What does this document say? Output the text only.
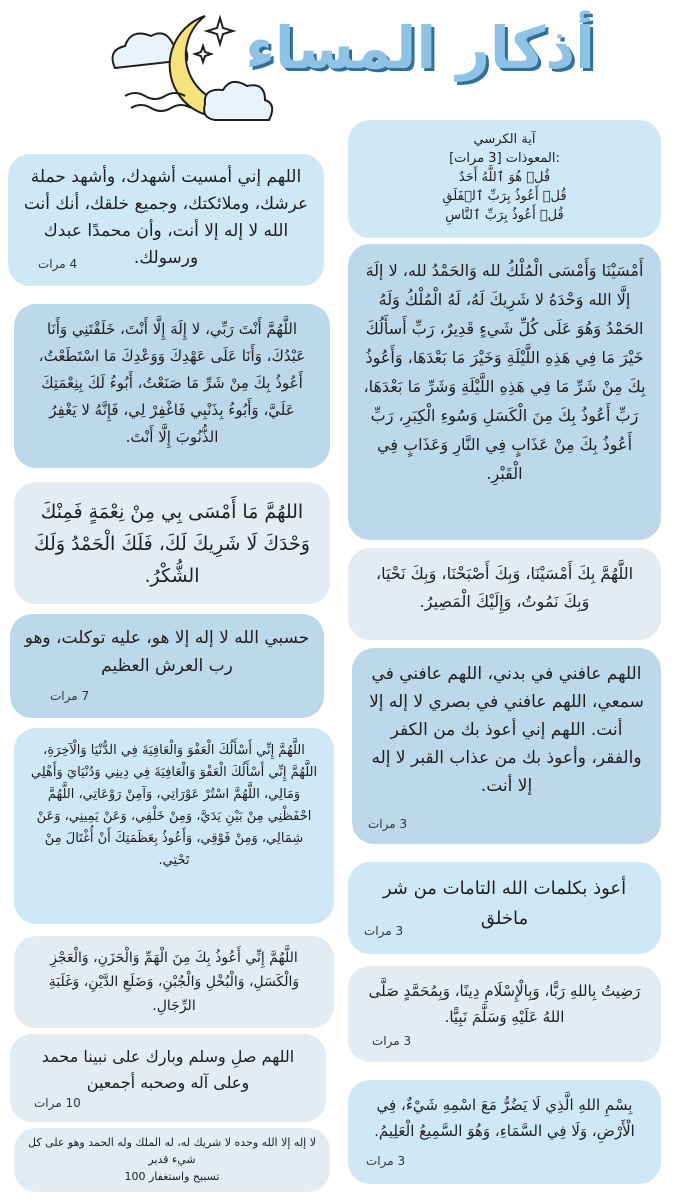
أذكار المساء
آية الكرسي
:المعوذات [3 مرات]
قُلۡ هُوَ ٱللَّهُ أَحَدٌ
قُلۡ أَعُوذُ بِرَبِّ ٱلۡفَلَقِ
قُلۡ أَعُوذُ بِرَبِّ ٱلنَّاسِ
أَمْسَيْنَا وَأَمْسَى الْمُلْكُ لله وَالحَمْدُ لله، لا إلَهَ إلَّا الله وَحْدَهُ لا شَرِيكَ لَهُ، لَهُ الْمُلْكُ وَلَهُ الحَمْدُ وَهُوَ عَلَى كُلِّ شَيءٍ قَدِيرٌ، رَبِّ أَسأَلُكَ خَيْرَ مَا فِي هَذِهِ اللَّيْلَةِ وَخَيْرَ مَا بَعْدَهَا، وَأَعُوذُ بِكَ مِنْ شَرِّ مَا فِي هَذِهِ اللَّيْلَةِ وَشَرِّ مَا بَعْدَهَا، رَبِّ أَعُوذُ بِكَ مِنَ الْكَسَلِ وَسُوءِ الْكِبَرِ، رَبِّ أَعُوذُ بِكَ مِنْ عَذَابٍ فِي النَّارِ وَعَذَابٍ فِي الْقَبْرِ.
اللَّهُمَّ بِكَ أَمْسَيْنَا، وَبِكَ أَصْبَحْنَا، وَبِكَ نَحْيَا، وَبِكَ نَمُوتُ، وَإِلَيْكَ الْمَصِيرُ.
اللهم عافني في بدني، اللهم عافني في سمعي، اللهم عافني في بصري لا إله إلا أنت. اللهم إني أعوذ بك من الكفر والفقر، وأعوذ بك من عذاب القبر لا إله إلا أنت.
3 مرات
أعوذ بكلمات الله التامات من شر ماخلق
3 مرات
رَضِيتُ بِاللهِ رَبًّا، وَبِالْإِسْلَامِ دِينًا، وَبِمُحَمَّدٍ صَلَّى اللهُ عَلَيْهِ وَسَلَّمَ نَبِيًّا.
3 مرات
بِسْمِ اللهِ الَّذِي لَا يَضُرُّ مَعَ اسْمِهِ شَيْءٌ، فِي الْأَرْضِ، وَلَا فِي السَّمَاءِ، وَهُوَ السَّمِيعُ الْعَلِيمُ.
3 مرات
اللهم إني أمسيت أشهدك، وأشهد حملة عرشك، وملائكتك، وجميع خلقك، أنك أنت الله لا إله إلا أنت، وأن محمدًا عبدك ورسولك.
4 مرات
اللَّهُمَّ أَنْتَ رَبِّي، لا إِلَهَ إِلَّا أَنْتَ، خَلَقْتَنِي وَأَنَا عَبْدُكَ، وَأَنَا عَلَى عَهْدِكَ وَوَعْدِكَ مَا اسْتَطَعْتُ، أَعُوذُ بِكَ مِنْ شَرِّ مَا صَنَعْتُ، أَبُوءُ لَكَ بِنِعْمَتِكَ عَلَيَّ، وَأَبُوءُ بِذَنْبِي فَاغْفِرْ لِي، فَإِنَّهُ لا يَغْفِرُ الذُّنُوبَ إِلَّا أَنْتَ.
اللهُمَّ مَا أَمْسَى بِي مِنْ نِعْمَةٍ فَمِنْكَ وَحْدَكَ لَا شَرِيكَ لَكَ، فَلَكَ الْحَمْدُ وَلَكَ الشُّكْرُ.
حسبي الله لا إله إلا هو، عليه توكلت، وهو رب العرش العظيم
7 مرات
اللَّهُمَّ إِنِّي أَسْأَلُكَ الْعَفْوَ وَالْعَافِيَةَ فِي الدُّنْيَا وَالْآخِرَةِ، اللَّهُمَّ إِنِّي أَسْأَلُكَ الْعَفْوَ وَالْعَافِيَةَ فِي دِينِي وَدُنْيَايَ وَأَهْلِي وَمَالِي، اللَّهُمَّ اسْتُرْ عَوْرَاتِي، وَآمِنْ رَوْعَاتِي، اللَّهُمَّ احْفَظْنِي مِنْ بَيْنِ يَدَيَّ، وَمِنْ خَلْفِي، وَعَنْ يَمِينِي، وَعَنْ شِمَالِي، وَمِنْ فَوْقِي، وَأَعُوذُ بِعَظَمَتِكَ أَنْ أُغْتَالَ مِنْ تَحْتِي.
اللَّهُمَّ إِنِّي أَعُوذُ بِكَ مِنَ الْهَمِّ وَالْحَزَنِ، وَالْعَجْزِ وَالْكَسَلِ، وَالْبُخْلِ وَالْجُبْنِ، وَضَلَعِ الدَّيْنِ، وَغَلَبَةِ الرِّجَالِ.
اللهم صلِ وسلم وبارك على نبينا محمد وعلى آله وصحبه أجمعين
10 مرات
لا إله إلا الله وحده لا شريك له، له الملك وله الحمد وهو على كل شيء قدير
تسبيح واستغفار 100
